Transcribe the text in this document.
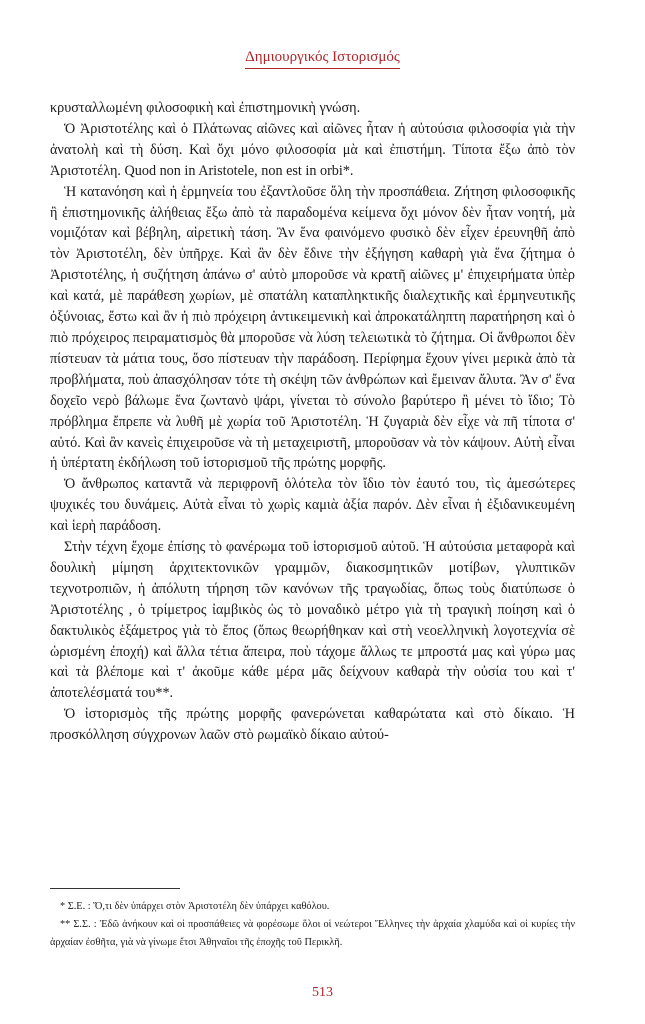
Δημιουργικός Ιστορισμός

κρυσταλλωμένη φιλοσοφικὴ καὶ ἐπιστημονικὴ γνώση.

Ὁ Ἀριστοτέλης καὶ ὁ Πλάτωνας αἰῶνες καὶ αἰῶνες ἦταν ἡ αὐτούσια φιλοσοφία γιὰ τὴν ἀνατολὴ καὶ τὴ δύση. Καὶ ὄχι μόνο φιλοσοφία μὰ καὶ ἐπιστήμη. Τίποτα ἔξω ἀπὸ τὸν Ἀριστοτέλη. Quod non in Aristotele, non est in orbi*.

Ἡ κατανόηση καὶ ἡ ἑρμηνεία του ἐξαντλοῦσε ὅλη τὴν προσπάθεια. Ζήτηση φιλοσοφικῆς ἢ ἐπιστημονικῆς ἀλήθειας ἔξω ἀπὸ τὰ παραδομένα κείμενα ὄχι μόνον δὲν ἦταν νοητή, μὰ νομιζόταν καὶ βέβηλη, αἱρετικὴ τάση. Ἂν ἕνα φαινόμενο φυσικὸ δὲν εἶχεν ἐρευνηθῆ ἀπὸ τὸν Ἀριστοτέλη, δὲν ὑπῆρχε. Καὶ ἂν δὲν ἔδινε τὴν ἐξήγηση καθαρὴ γιὰ ἕνα ζήτημα ὁ Ἀριστοτέλης, ἡ συζήτηση ἀπάνω σ' αὐτὸ μποροῦσε νὰ κρατῆ αἰῶνες μ' ἐπιχειρήματα ὑπὲρ καὶ κατά, μὲ παράθεση χωρίων, μὲ σπατάλη καταπληκτικῆς διαλεχτικῆς καὶ ἑρμηνευτικῆς ὀξύνοιας, ἔστω καὶ ἂν ἡ πιὸ πρόχειρη ἀντικειμενικὴ καὶ ἀπροκατάληπτη παρατήρηση καὶ ὁ πιὸ πρόχειρος πειραματισμὸς θὰ μποροῦσε νὰ λύση τελειωτικὰ τὸ ζήτημα. Οἱ ἄνθρωποι δὲν πίστευαν τὰ μάτια τους, ὅσο πίστευαν τὴν παράδοση. Περίφημα ἔχουν γίνει μερικὰ ἀπὸ τὰ προβλήματα, ποὺ ἀπασχόλησαν τότε τὴ σκέψη τῶν ἀνθρώπων καὶ ἔμειναν ἄλυτα. Ἂν σ' ἕνα δοχεῖο νερὸ βάλωμε ἕνα ζωντανὸ ψάρι, γίνεται τὸ σύνολο βαρύτερο ἢ μένει τὸ ἴδιο; Τὸ πρόβλημα ἔπρεπε νὰ λυθῆ μὲ χωρία τοῦ Ἀριστοτέλη. Ἡ ζυγαριὰ δὲν εἶχε νὰ πῆ τίποτα σ' αὐτό. Καὶ ἂν κανεὶς ἐπιχειροῦσε νὰ τὴ μεταχειριστῆ, μποροῦσαν νὰ τὸν κάψουν. Αὐτὴ εἶναι ἡ ὑπέρτατη ἐκδήλωση τοῦ ἱστορισμοῦ τῆς πρώτης μορφῆς.

Ὁ ἄνθρωπος καταντᾶ νὰ περιφρονῆ ὁλότελα τὸν ἴδιο τὸν ἑαυτό του, τὶς ἀμεσώτερες ψυχικές του δυνάμεις. Αὐτὰ εἶναι τὸ χωρὶς καμιὰ ἀξία παρόν. Δὲν εἶναι ἡ ἐξιδανικευμένη καὶ ἱερὴ παράδοση.

Στὴν τέχνη ἔχομε ἐπίσης τὸ φανέρωμα τοῦ ἱστορισμοῦ αὐτοῦ. Ἡ αὐτούσια μεταφορὰ καὶ δουλικὴ μίμηση ἀρχιτεκτονικῶν γραμμῶν, διακοσμητικῶν μοτίβων, γλυπτικῶν τεχνοτροπιῶν, ἡ ἀπόλυτη τήρηση τῶν κανόνων τῆς τραγωδίας, ὅπως τοὺς διατύπωσε ὁ Ἀριστοτέλης , ὁ τρίμετρος ἰαμβικὸς ὡς τὸ μοναδικὸ μέτρο γιὰ τὴ τραγικὴ ποίηση καὶ ὁ δακτυλικὸς ἑξάμετρος γιὰ τὸ ἔπος (ὅπως θεωρήθηκαν καὶ στὴ νεοελληνικὴ λογοτεχνία σὲ ὡρισμένη ἐποχή) καὶ ἄλλα τέτια ἄπειρα, ποὺ τάχομε ἄλλως τε μπροστά μας καὶ γύρω μας καὶ τὰ βλέπομε καὶ τ' ἀκοῦμε κάθε μέρα μᾶς δείχνουν καθαρὰ τὴν οὐσία του καὶ τ' ἀποτελέσματά του**.

Ὁ ἱστορισμὸς τῆς πρώτης μορφῆς φανερώνεται καθαρώτατα καὶ στὸ δίκαιο. Ἡ προσκόλληση σύγχρονων λαῶν στὸ ρωμαϊκὸ δίκαιο αὐτού-

* Σ.Ε. : Ὅ,τι δὲν ὑπάρχει στὸν Ἀριστοτέλη δὲν ὑπάρχει καθόλου.

** Σ.Σ. : Ἐδῶ ἀνήκουν καὶ οἱ προσπάθειες νὰ φορέσωμε ὅλοι οἱ νεώτεροι Ἕλληνες τὴν ἀρχαία χλαμύδα καὶ οἱ κυρίες τὴν ἀρχαίαν ἐσθῆτα, γιὰ νὰ γίνωμε ἔτσι Ἀθηναῖοι τῆς ἐποχῆς τοῦ Περικλῆ.

513
